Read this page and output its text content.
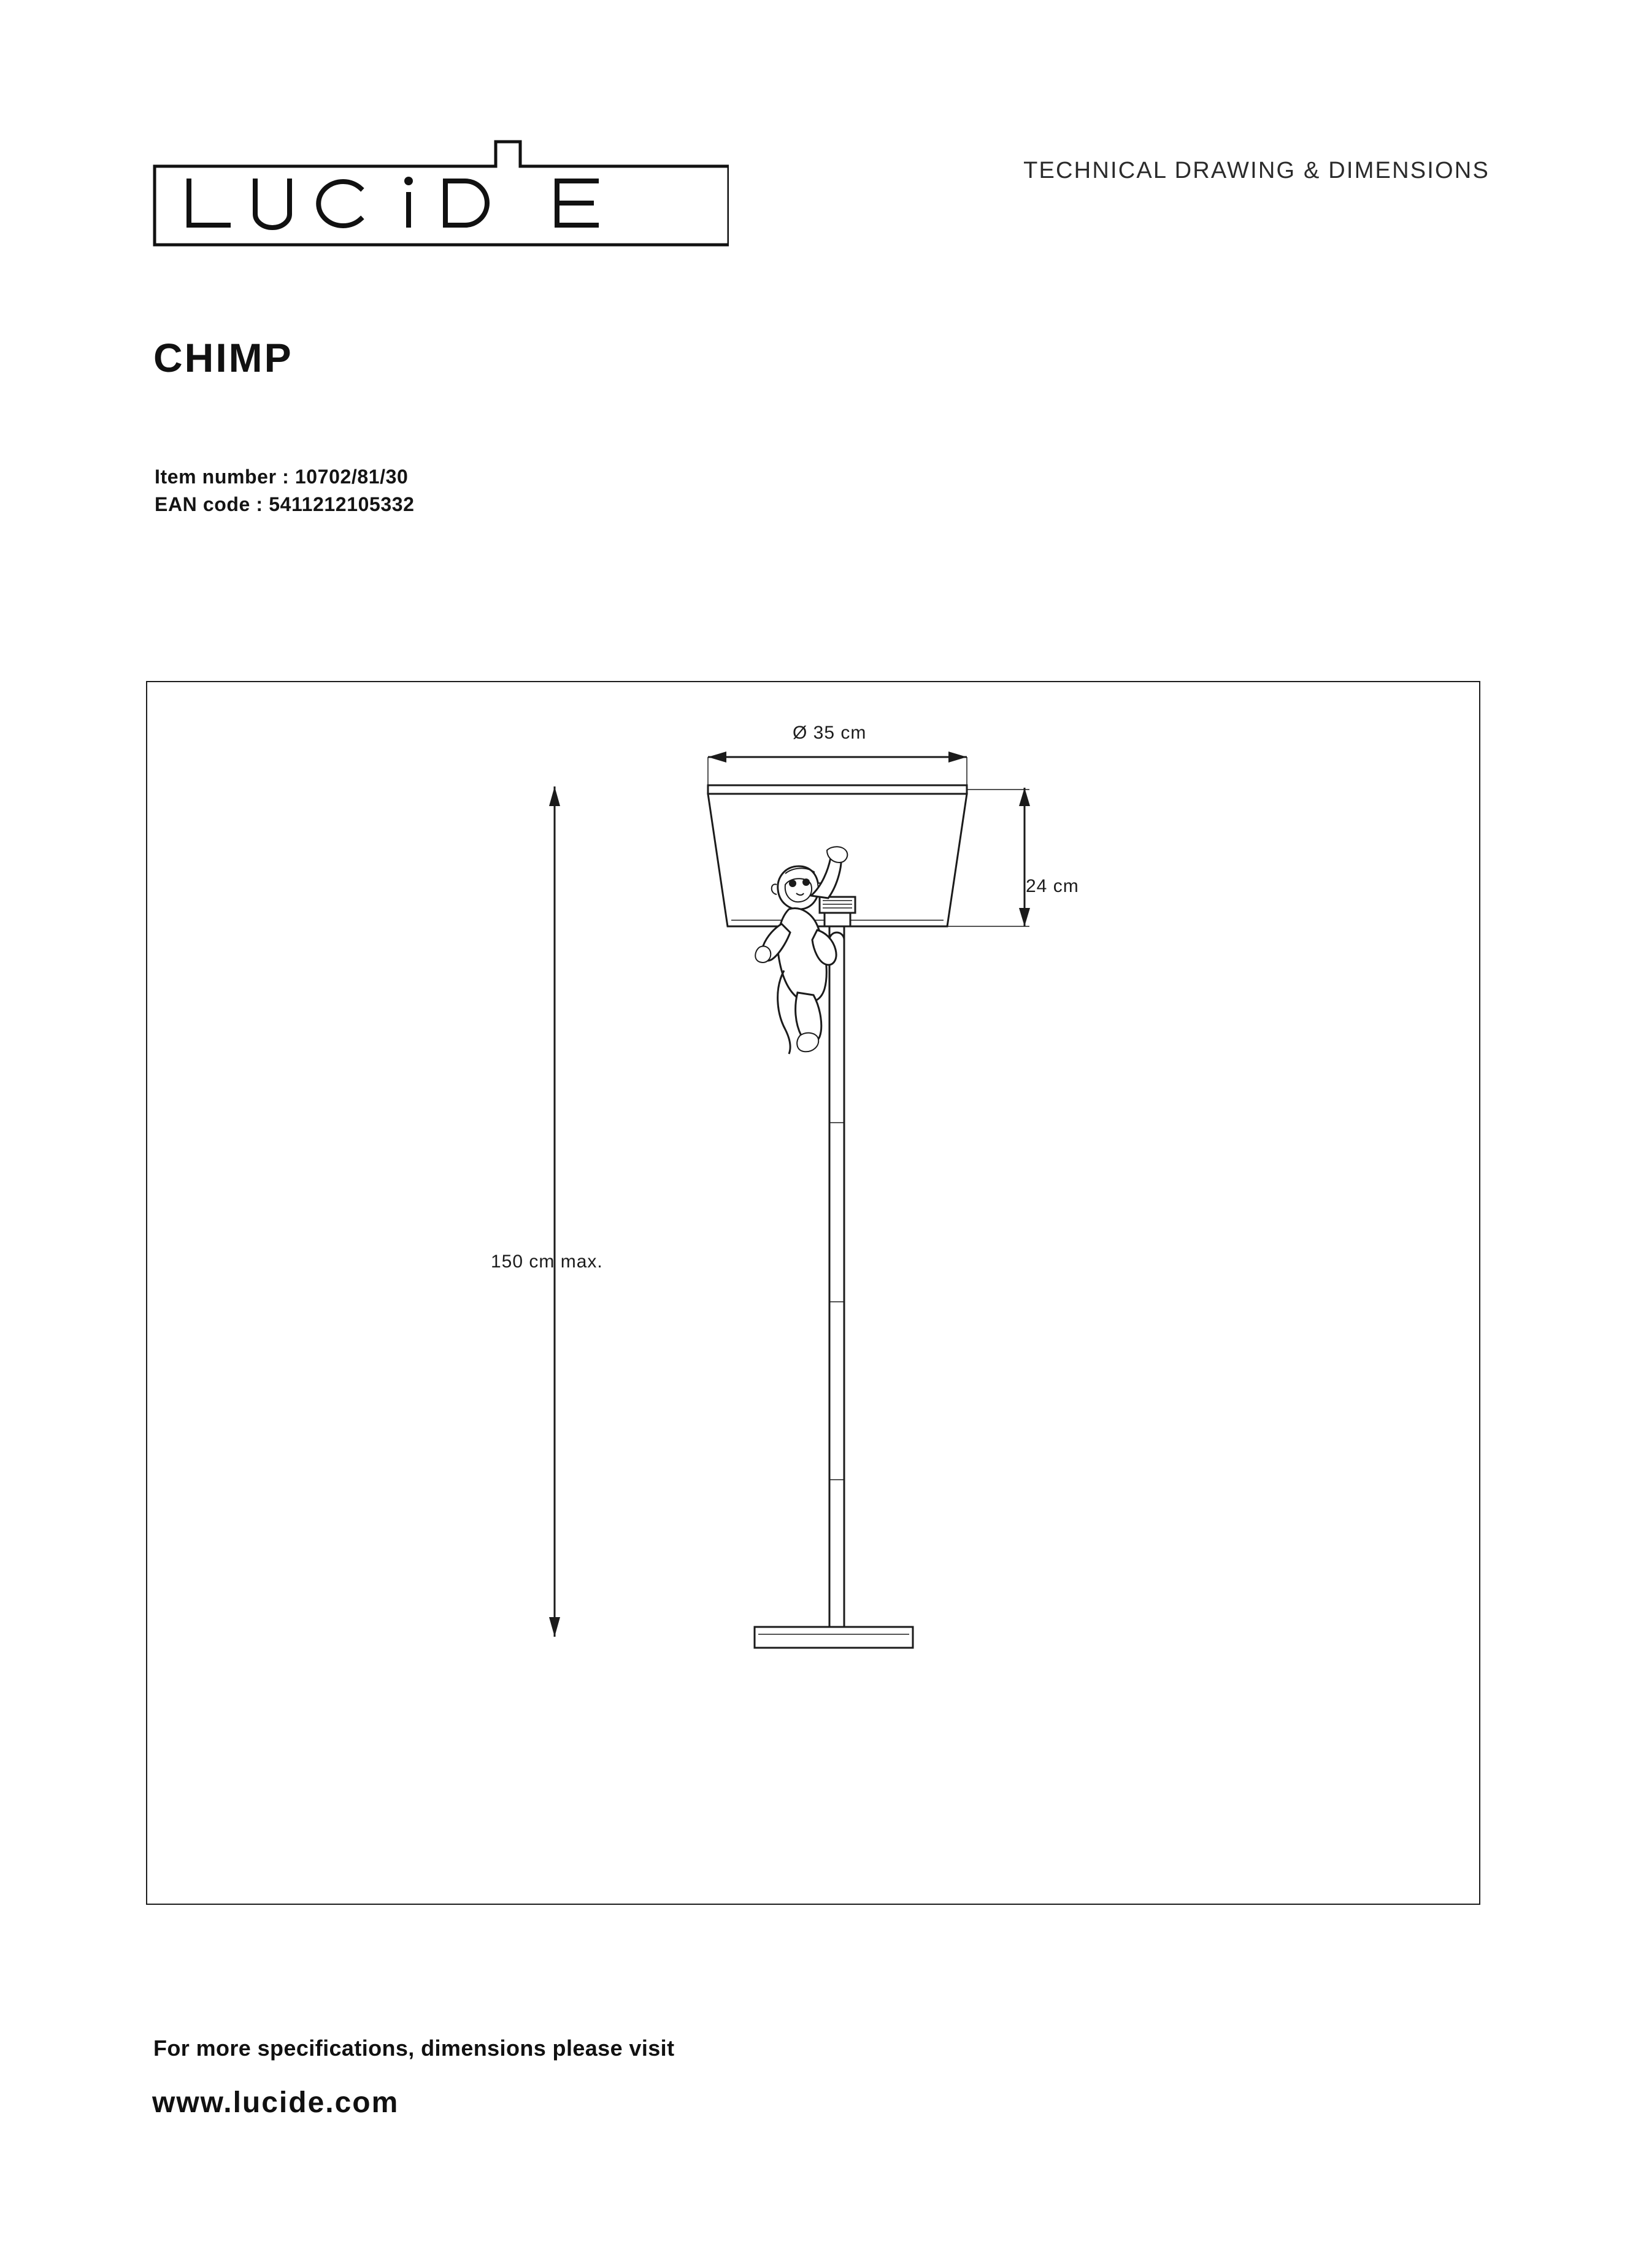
TECHNICAL DRAWING & DIMENSIONS
CHIMP
Item number : 10702/81/30
EAN code : 5411212105332
Ø 35 cm
24 cm
150 cm max.
For more specifications, dimensions please visit
www.lucide.com
